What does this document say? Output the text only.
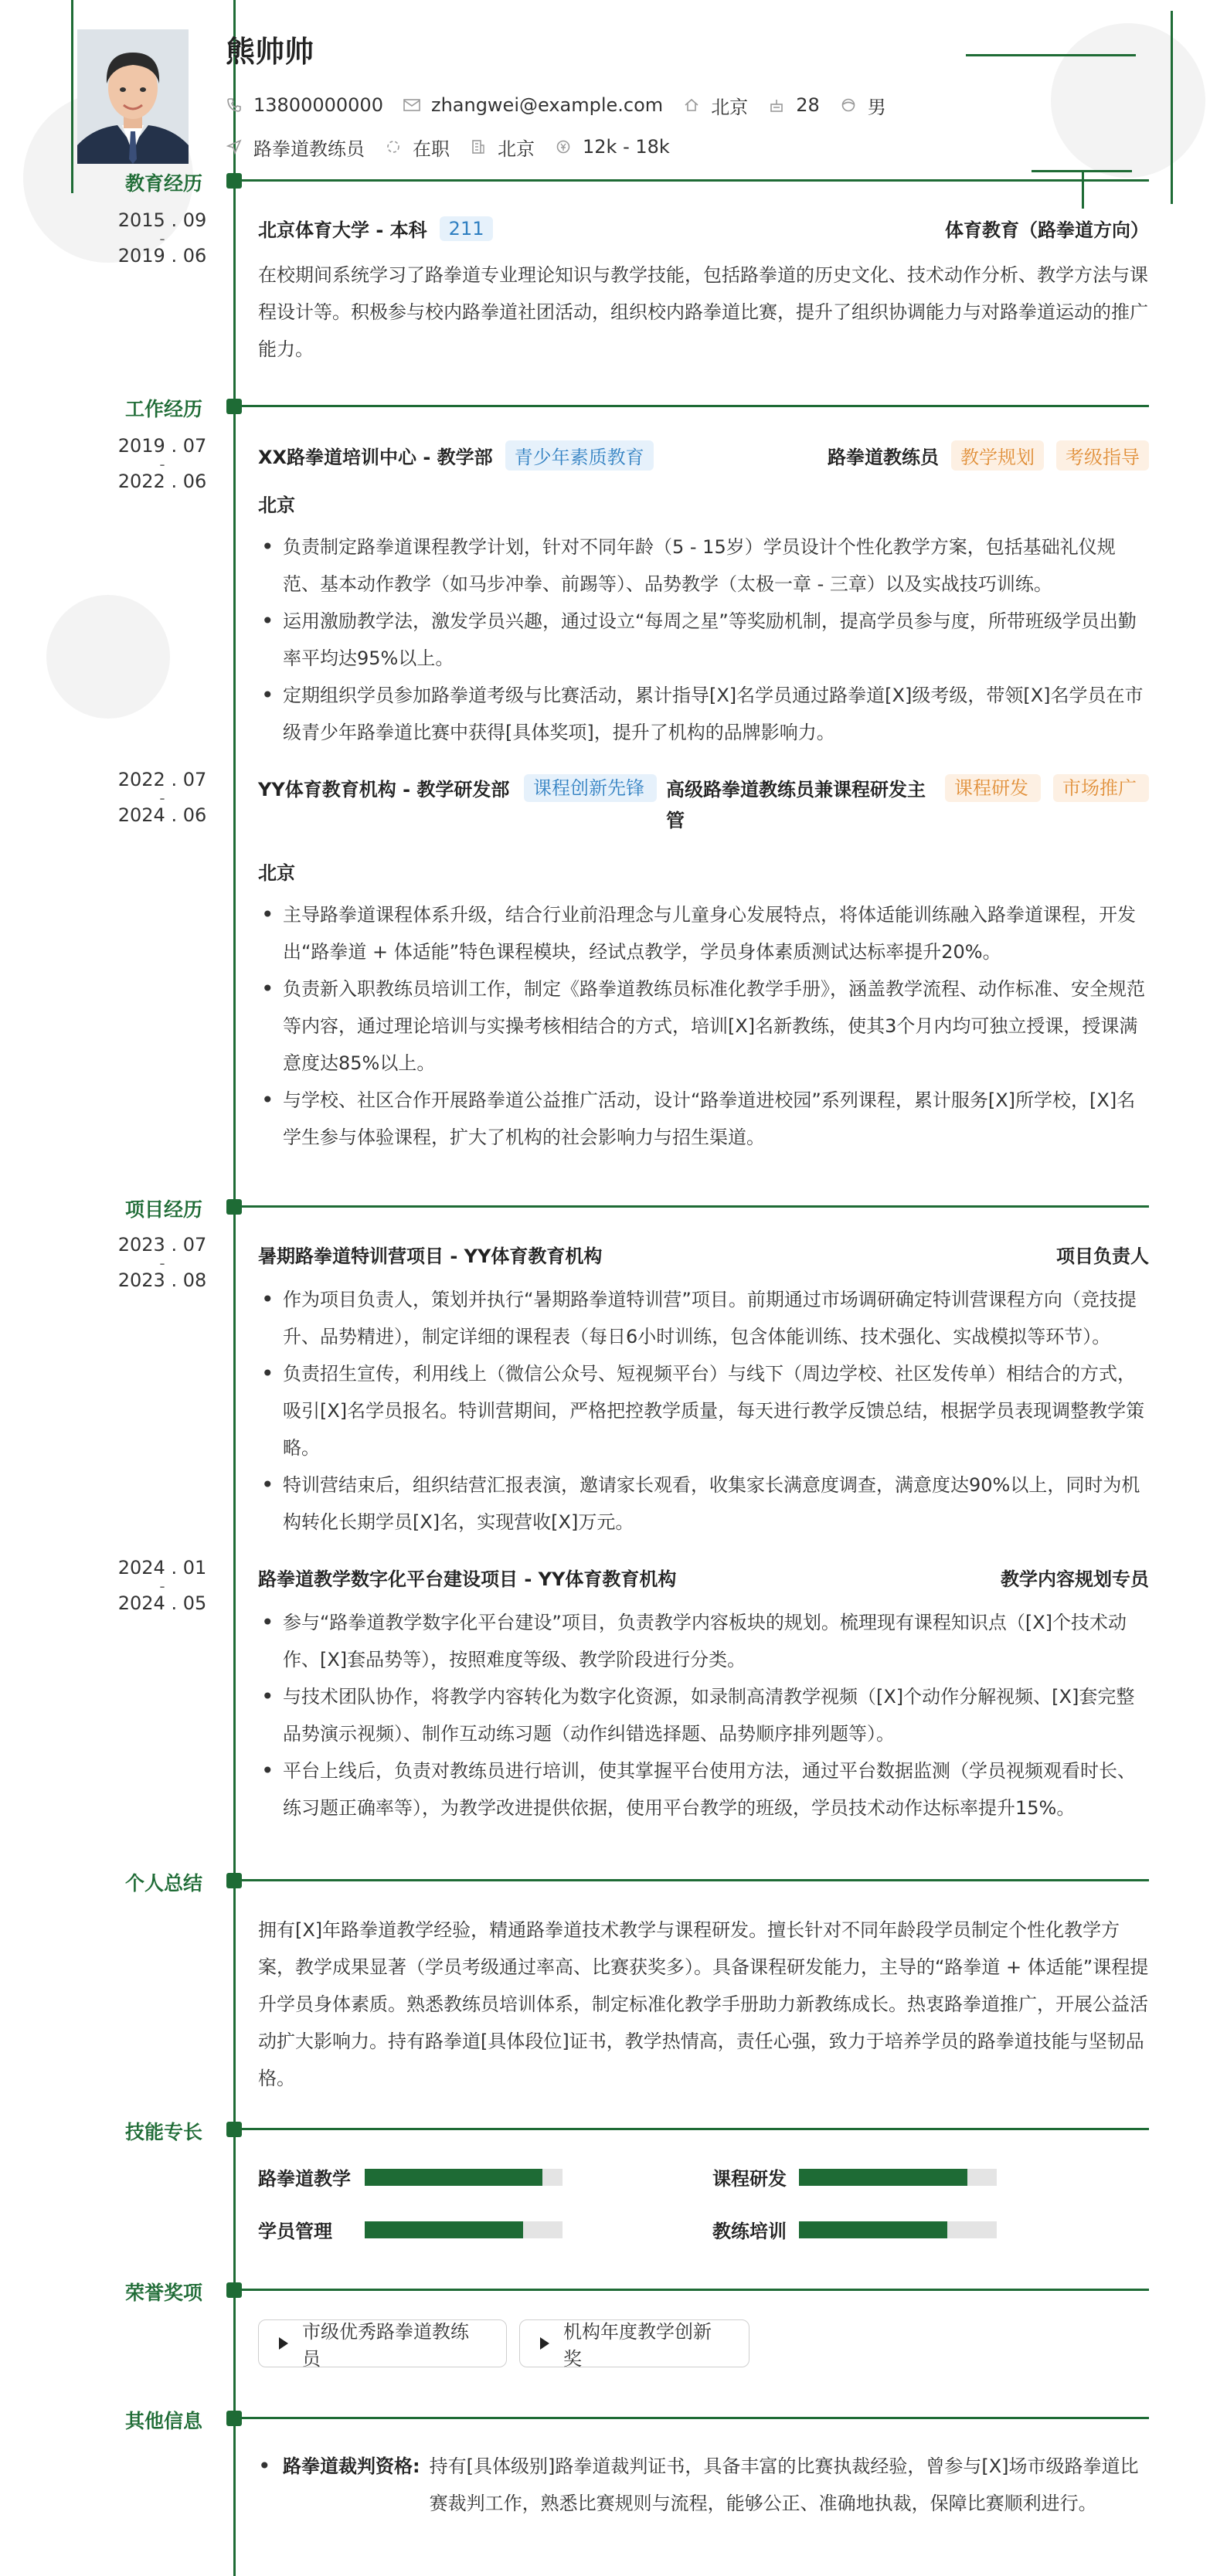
熊帅帅
13800000000	zhangwei@example.com	北京	28	男
路拳道教练员	在职	北京	12k - 18k
教育经历
2015 . 09
-
2019 . 06
北京体育大学 - 本科	211	体育教育（路拳道方向）
在校期间系统学习了路拳道专业理论知识与教学技能，包括路拳道的历史文化、技术动作分析、教学方法与课程设计等。积极参与校内路拳道社团活动，组织校内路拳道比赛，提升了组织协调能力与对路拳道运动的推广能力。
工作经历
2019 . 07
-
2022 . 06
XX路拳道培训中心 - 教学部	青少年素质教育	路拳道教练员	教学规划	考级指导
北京
• 负责制定路拳道课程教学计划，针对不同年龄（5 - 15岁）学员设计个性化教学方案，包括基础礼仪规范、基本动作教学（如马步冲拳、前踢等）、品势教学（太极一章 - 三章）以及实战技巧训练。
• 运用激励教学法，激发学员兴趣，通过设立“每周之星”等奖励机制，提高学员参与度，所带班级学员出勤率平均达95%以上。
• 定期组织学员参加路拳道考级与比赛活动，累计指导[X]名学员通过路拳道[X]级考级，带领[X]名学员在市级青少年路拳道比赛中获得[具体奖项]，提升了机构的品牌影响力。
2022 . 07
-
2024 . 06
YY体育教育机构 - 教学研发部	课程创新先锋	高级路拳道教练员兼课程研发主管
课程研发	市场推广
北京
• 主导路拳道课程体系升级，结合行业前沿理念与儿童身心发展特点，将体适能训练融入路拳道课程，开发出“路拳道 + 体适能”特色课程模块，经试点教学，学员身体素质测试达标率提升20%。
• 负责新入职教练员培训工作，制定《路拳道教练员标准化教学手册》，涵盖教学流程、动作标准、安全规范等内容，通过理论培训与实操考核相结合的方式，培训[X]名新教练，使其3个月内均可独立授课，授课满意度达85%以上。
• 与学校、社区合作开展路拳道公益推广活动，设计“路拳道进校园”系列课程，累计服务[X]所学校，[X]名学生参与体验课程，扩大了机构的社会影响力与招生渠道。
项目经历
2023 . 07
-
2023 . 08
暑期路拳道特训营项目 - YY体育教育机构	项目负责人
• 作为项目负责人，策划并执行“暑期路拳道特训营”项目。前期通过市场调研确定特训营课程方向（竞技提升、品势精进），制定详细的课程表（每日6小时训练，包含体能训练、技术强化、实战模拟等环节）。
• 负责招生宣传，利用线上（微信公众号、短视频平台）与线下（周边学校、社区发传单）相结合的方式，吸引[X]名学员报名。特训营期间，严格把控教学质量，每天进行教学反馈总结，根据学员表现调整教学策略。
• 特训营结束后，组织结营汇报表演，邀请家长观看，收集家长满意度调查，满意度达90%以上，同时为机构转化长期学员[X]名，实现营收[X]万元。
2024 . 01
-
2024 . 05
路拳道教学数字化平台建设项目 - YY体育教育机构	教学内容规划专员
• 参与“路拳道教学数字化平台建设”项目，负责教学内容板块的规划。梳理现有课程知识点（[X]个技术动作、[X]套品势等），按照难度等级、教学阶段进行分类。
• 与技术团队协作，将教学内容转化为数字化资源，如录制高清教学视频（[X]个动作分解视频、[X]套完整品势演示视频）、制作互动练习题（动作纠错选择题、品势顺序排列题等）。
• 平台上线后，负责对教练员进行培训，使其掌握平台使用方法，通过平台数据监测（学员视频观看时长、练习题正确率等），为教学改进提供依据，使用平台教学的班级，学员技术动作达标率提升15%。
个人总结
拥有[X]年路拳道教学经验，精通路拳道技术教学与课程研发。擅长针对不同年龄段学员制定个性化教学方案，教学成果显著（学员考级通过率高、比赛获奖多）。具备课程研发能力，主导的“路拳道 + 体适能”课程提升学员身体素质。熟悉教练员培训体系，制定标准化教学手册助力新教练成长。热衷路拳道推广，开展公益活动扩大影响力。持有路拳道[具体段位]证书，教学热情高，责任心强，致力于培养学员的路拳道技能与坚韧品格。
技能专长
路拳道教学	课程研发
学员管理	教练培训
荣誉奖项
市级优秀路拳道教练员
机构年度教学创新奖
其他信息
• 路拳道裁判资格: 持有[具体级别]路拳道裁判证书，具备丰富的比赛执裁经验，曾参与[X]场市级路拳道比赛裁判工作，熟悉比赛规则与流程，能够公正、准确地执裁，保障比赛顺利进行。
